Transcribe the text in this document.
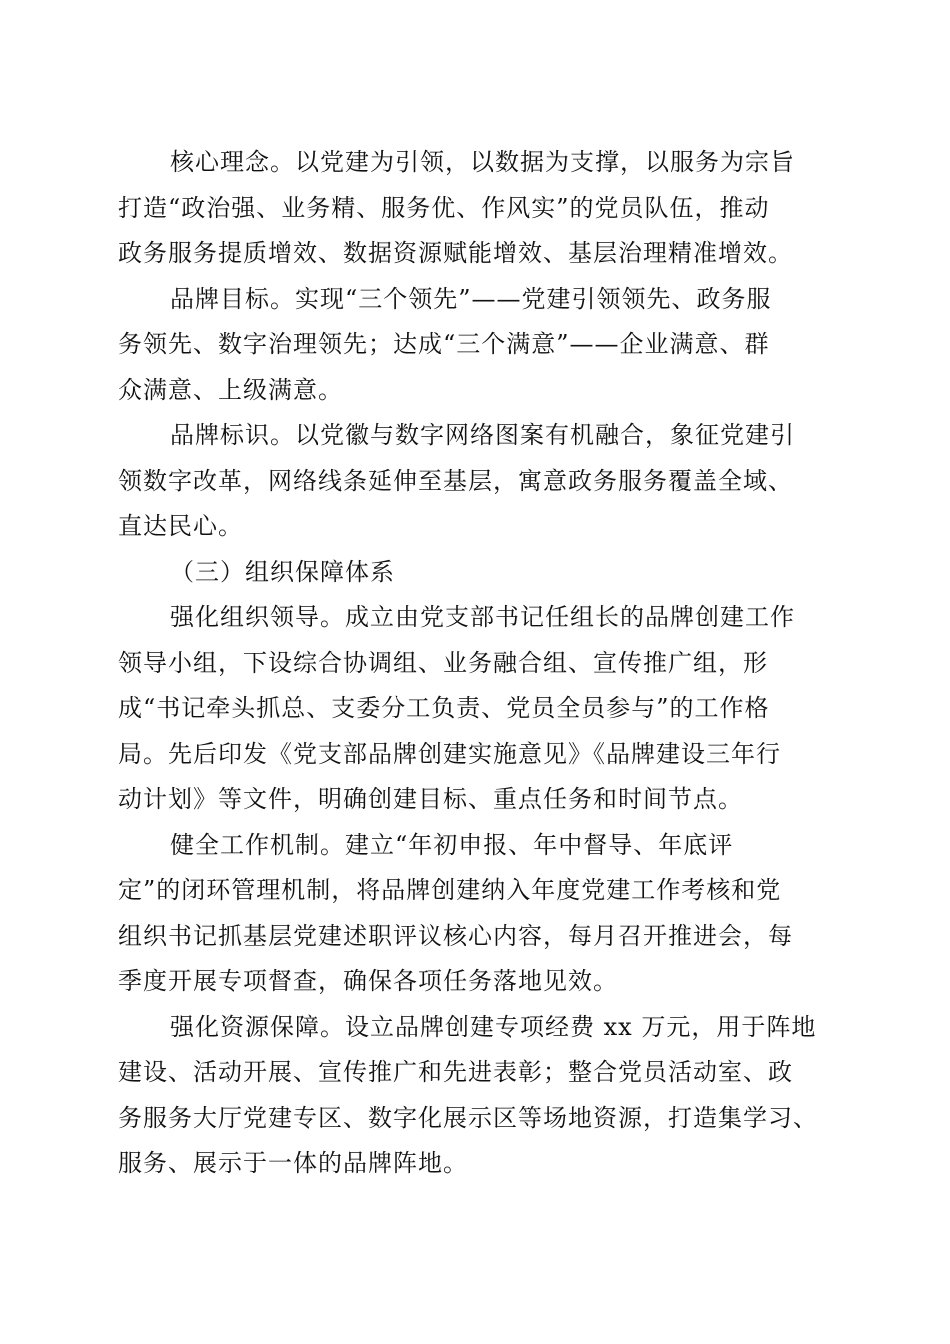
核心理念。以党建为引领，以数据为支撑，以服务为宗旨
打造“政治强、业务精、服务优、作风实”的党员队伍，推动
政务服务提质增效、数据资源赋能增效、基层治理精准增效。

品牌目标。实现“三个领先”——党建引领领先、政务服
务领先、数字治理领先；达成“三个满意”——企业满意、群
众满意、上级满意。

品牌标识。以党徽与数字网络图案有机融合，象征党建引
领数字改革，网络线条延伸至基层，寓意政务服务覆盖全域、
直达民心。

（三）组织保障体系

强化组织领导。成立由党支部书记任组长的品牌创建工作
领导小组，下设综合协调组、业务融合组、宣传推广组，形
成“书记牵头抓总、支委分工负责、党员全员参与”的工作格
局。先后印发《党支部品牌创建实施意见》《品牌建设三年行
动计划》等文件，明确创建目标、重点任务和时间节点。

健全工作机制。建立“年初申报、年中督导、年底评
定”的闭环管理机制，将品牌创建纳入年度党建工作考核和党
组织书记抓基层党建述职评议核心内容，每月召开推进会，每
季度开展专项督查，确保各项任务落地见效。

强化资源保障。设立品牌创建专项经费 xx 万元，用于阵地
建设、活动开展、宣传推广和先进表彰；整合党员活动室、政
务服务大厅党建专区、数字化展示区等场地资源，打造集学习、
服务、展示于一体的品牌阵地。
